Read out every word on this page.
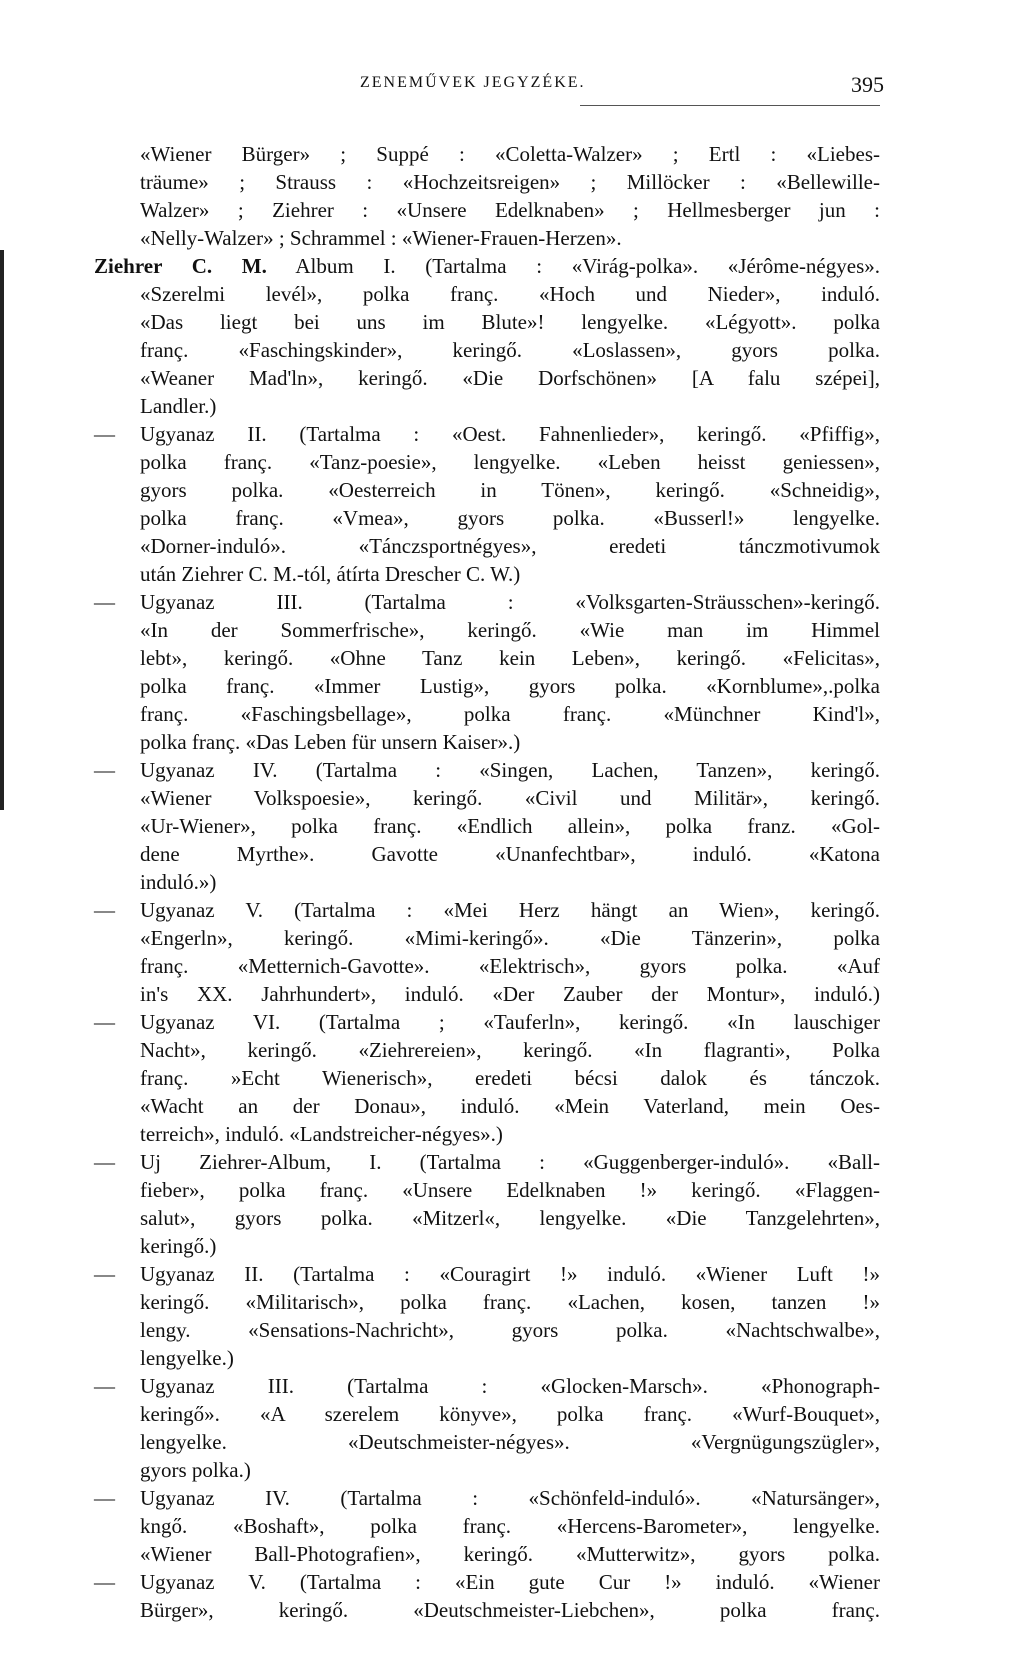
ZENEMŰVEK JEGYZÉKE.	395
«Wiener Bürger» ; Suppé : «Coletta-Walzer» ; Ertl : «Liebes-
träume» ; Strauss : «Hochzeitsreigen» ; Millöcker : «Bellewille-
Walzer» ; Ziehrer : «Unsere Edelknaben» ; Hellmesberger jun :
«Nelly-Walzer» ; Schrammel : «Wiener-Frauen-Herzen».
Ziehrer C. M. Album I. (Tartalma : «Virág-polka». «Jérôme-négyes».
«Szerelmi levél», polka franç. «Hoch und Nieder», induló.
«Das liegt bei uns im Blute»! lengyelke. «Légyott». polka
franç. «Faschingskinder», keringő. «Loslassen», gyors polka.
«Weaner Mad'ln», keringő. «Die Dorfschönen» [A falu szépei],
Landler.)
—	Ugyanaz II. (Tartalma : «Oest. Fahnenlieder», keringő. «Pfiffig»,
polka franç. «Tanz-poesie», lengyelke. «Leben heisst geniessen»,
gyors polka. «Oesterreich in Tönen», keringő. «Schneidig»,
polka franç. «Vmea», gyors polka. «Busserl!» lengyelke.
«Dorner-induló». «Tánczsportnégyes», eredeti tánczmotivumok
után Ziehrer C. M.-tól, átírta Drescher C. W.)
—	Ugyanaz III. (Tartalma : «Volksgarten-Sträusschen»-keringő.
«In der Sommerfrische», keringő. «Wie man im Himmel
lebt», keringő. «Ohne Tanz kein Leben», keringő. «Felicitas»,
polka franç. «Immer Lustig», gyors polka. «Kornblume»,.polka
franç. «Faschingsbellage», polka franç. «Münchner Kind'l»,
polka franç. «Das Leben für unsern Kaiser».)
—	Ugyanaz IV. (Tartalma : «Singen, Lachen, Tanzen», keringő.
«Wiener Volkspoesie», keringő. «Civil und Militär», keringő.
«Ur-Wiener», polka franç. «Endlich allein», polka franz. «Gol-
dene Myrthe». Gavotte «Unanfechtbar», induló. «Katona
induló.»)
—	Ugyanaz V. (Tartalma : «Mei Herz hängt an Wien», keringő.
«Engerln», keringő. «Mimi-keringő». «Die Tänzerin», polka
franç. «Metternich-Gavotte». «Elektrisch», gyors polka. «Auf
in's XX. Jahrhundert», induló. «Der Zauber der Montur», induló.)
—	Ugyanaz VI. (Tartalma ; «Tauferln», keringő. «In lauschiger
Nacht», keringő. «Ziehrereien», keringő. «In flagranti», Polka
franç. »Echt Wienerisch», eredeti bécsi dalok és tánczok.
«Wacht an der Donau», induló. «Mein Vaterland, mein Oes-
terreich», induló. «Landstreicher-négyes».)
—	Uj Ziehrer-Album, I. (Tartalma : «Guggenberger-induló». «Ball-
fieber», polka franç. «Unsere Edelknaben !» keringő. «Flaggen-
salut», gyors polka. «Mitzerl«, lengyelke. «Die Tanzgelehrten»,
keringő.)
—	Ugyanaz II. (Tartalma : «Couragirt !» induló. «Wiener Luft !»
keringő. «Militarisch», polka franç. «Lachen, kosen, tanzen !»
lengy. «Sensations-Nachricht», gyors polka. «Nachtschwalbe»,
lengyelke.)
—	Ugyanaz III. (Tartalma : «Glocken-Marsch». «Phonograph-
keringő». «A szerelem könyve», polka franç. «Wurf-Bouquet»,
lengyelke. «Deutschmeister-négyes». «Vergnügungszügler»,
gyors polka.)
—	Ugyanaz IV. (Tartalma : «Schönfeld-induló». «Natursänger»,
kngő. «Boshaft», polka franç. «Hercens-Barometer», lengyelke.
«Wiener Ball-Photografien», keringő. «Mutterwitz», gyors polka.
—	Ugyanaz V. (Tartalma : «Ein gute Cur !» induló. «Wiener
Bürger», keringő. «Deutschmeister-Liebchen», polka franç.
